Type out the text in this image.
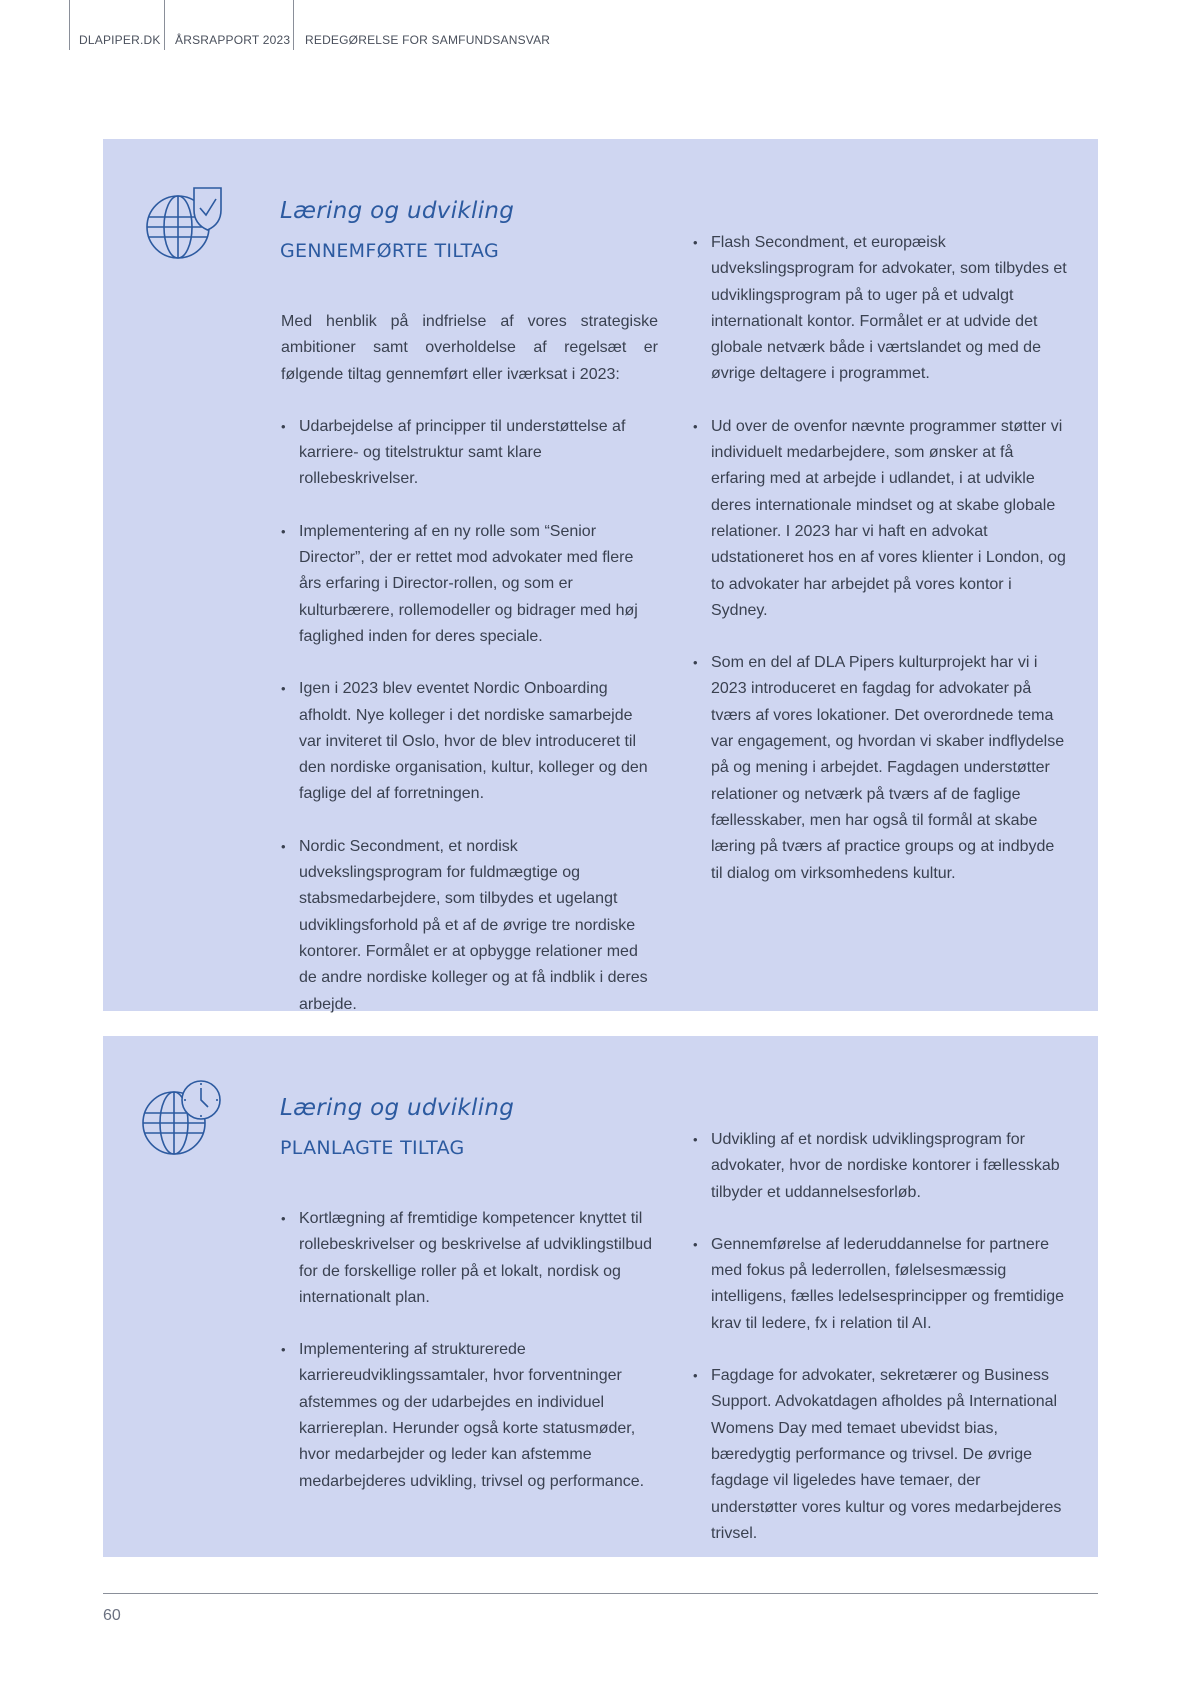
DLAPIPER.DK ÅRSRAPPORT 2023 REDEGØRELSE FOR SAMFUNDSANSVAR
Læring og udvikling
GENNEMFØRTE TILTAG

Med henblik på indfrielse af vores strategiske ambitioner samt overholdelse af regelsæt er følgende tiltag gennemført eller iværksat i 2023:

• Udarbejdelse af principper til understøttelse af karriere- og titelstruktur samt klare rollebeskrivelser.
• Implementering af en ny rolle som “Senior Director”, der er rettet mod advokater med flere års erfaring i Director-rollen, og som er kulturbærere, rollemodeller og bidrager med høj faglighed inden for deres speciale.
• Igen i 2023 blev eventet Nordic Onboarding afholdt. Nye kolleger i det nordiske samarbejde var inviteret til Oslo, hvor de blev introduceret til den nordiske organisation, kultur, kolleger og den faglige del af forretningen.
• Nordic Secondment, et nordisk udvekslingsprogram for fuldmægtige og stabsmedarbejdere, som tilbydes et ugelangt udviklingsforhold på et af de øvrige tre nordiske kontorer. Formålet er at opbygge relationer med de andre nordiske kolleger og at få indblik i deres arbejde.
• Flash Secondment, et europæisk udvekslingsprogram for advokater, som tilbydes et udviklingsprogram på to uger på et udvalgt internationalt kontor. Formålet er at udvide det globale netværk både i værtslandet og med de øvrige deltagere i programmet.
• Ud over de ovenfor nævnte programmer støtter vi individuelt medarbejdere, som ønsker at få erfaring med at arbejde i udlandet, i at udvikle deres internationale mindset og at skabe globale relationer. I 2023 har vi haft en advokat udstationeret hos en af vores klienter i London, og to advokater har arbejdet på vores kontor i Sydney.
• Som en del af DLA Pipers kulturprojekt har vi i 2023 introduceret en fagdag for advokater på tværs af vores lokationer. Det overordnede tema var engagement, og hvordan vi skaber indflydelse på og mening i arbejdet. Fagdagen understøtter relationer og netværk på tværs af de faglige fællesskaber, men har også til formål at skabe læring på tværs af practice groups og at indbyde til dialog om virksomhedens kultur.
Læring og udvikling
PLANLAGTE TILTAG
• Kortlægning af fremtidige kompetencer knyttet til rollebeskrivelser og beskrivelse af udviklingstilbud for de forskellige roller på et lokalt, nordisk og internationalt plan.
• Implementering af strukturerede karriereudviklingssamtaler, hvor forventninger afstemmes og der udarbejdes en individuel karriereplan. Herunder også korte statusmøder, hvor medarbejder og leder kan afstemme medarbejderes udvikling, trivsel og performance.
• Udvikling af et nordisk udviklingsprogram for advokater, hvor de nordiske kontorer i fællesskab tilbyder et uddannelsesforløb.
• Gennemførelse af lederuddannelse for partnere med fokus på lederrollen, følelsesmæssig intelligens, fælles ledelsesprincipper og fremtidige krav til ledere, fx i relation til AI.
• Fagdage for advokater, sekretærer og Business Support. Advokatdagen afholdes på International Womens Day med temaet ubevidst bias, bæredygtig performance og trivsel. De øvrige fagdage vil ligeledes have temaer, der understøtter vores kultur og vores medarbejderes trivsel.
60
